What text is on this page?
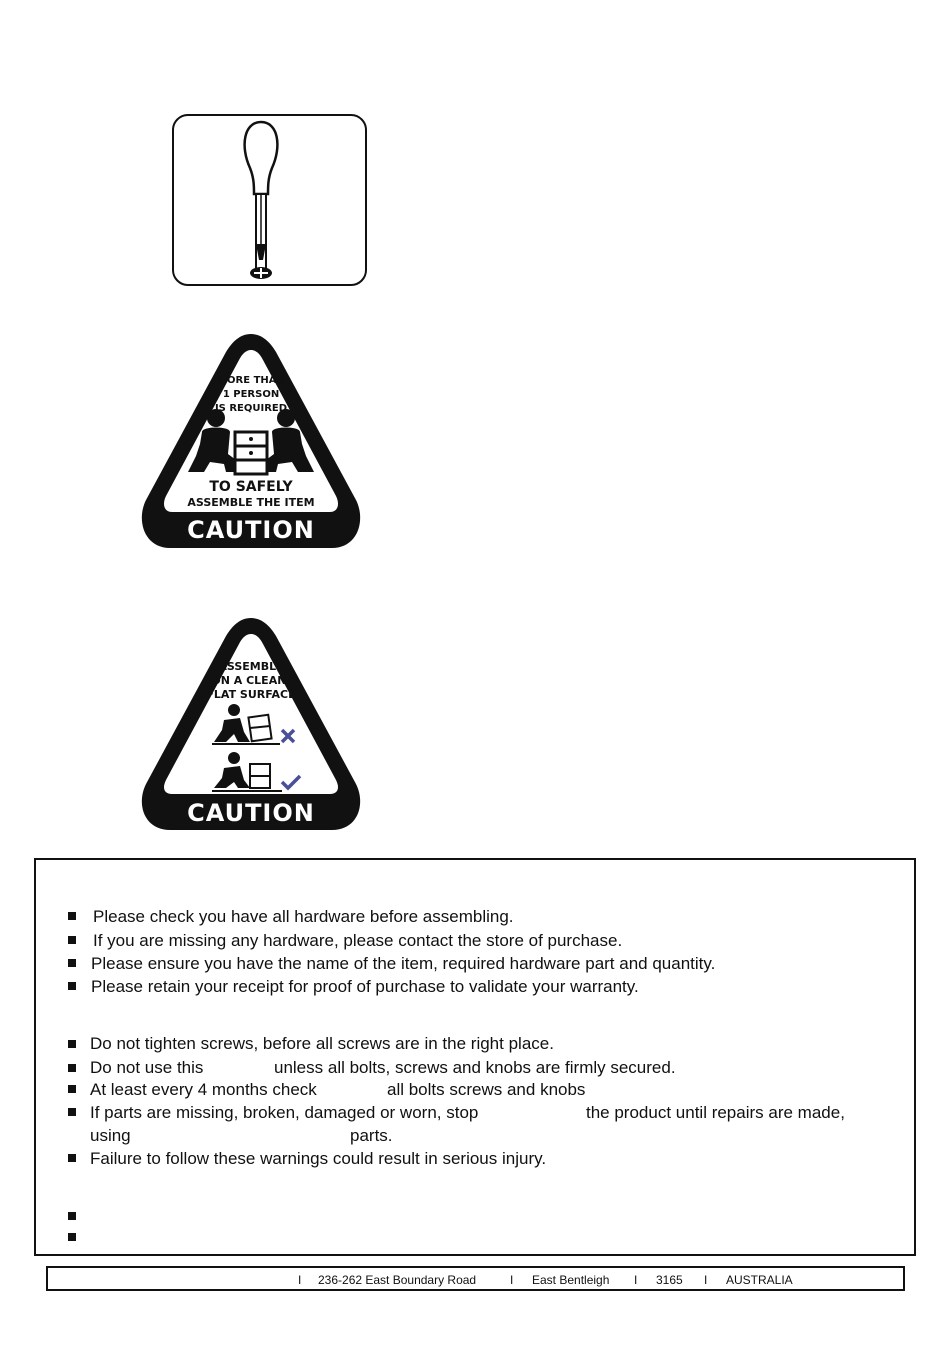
MORE THAN
1 PERSON
IS REQUIRED
TO SAFELY
ASSEMBLE THE ITEM
CAUTION
ASSEMBLE
ON A CLEAN,
FLAT SURFACE
CAUTION
Please check you have all hardware before assembling.
If you are missing any hardware, please contact the store of purchase.
Please ensure you have the name of the item, required hardware part and quantity.
Please retain your receipt for proof of purchase to validate your warranty.
Do not tighten screws, before all screws are in the right place.
Do not use this	unless all bolts, screws and knobs are firmly secured.
At least every 4 months check	all bolts screws and knobs
If parts are missing, broken, damaged or worn, stop	the product until repairs are made,
using	parts.
Failure to follow these warnings could result in serious injury.
I 236-262 East Boundary Road	I East Bentleigh I 3165 I AUSTRALIA
